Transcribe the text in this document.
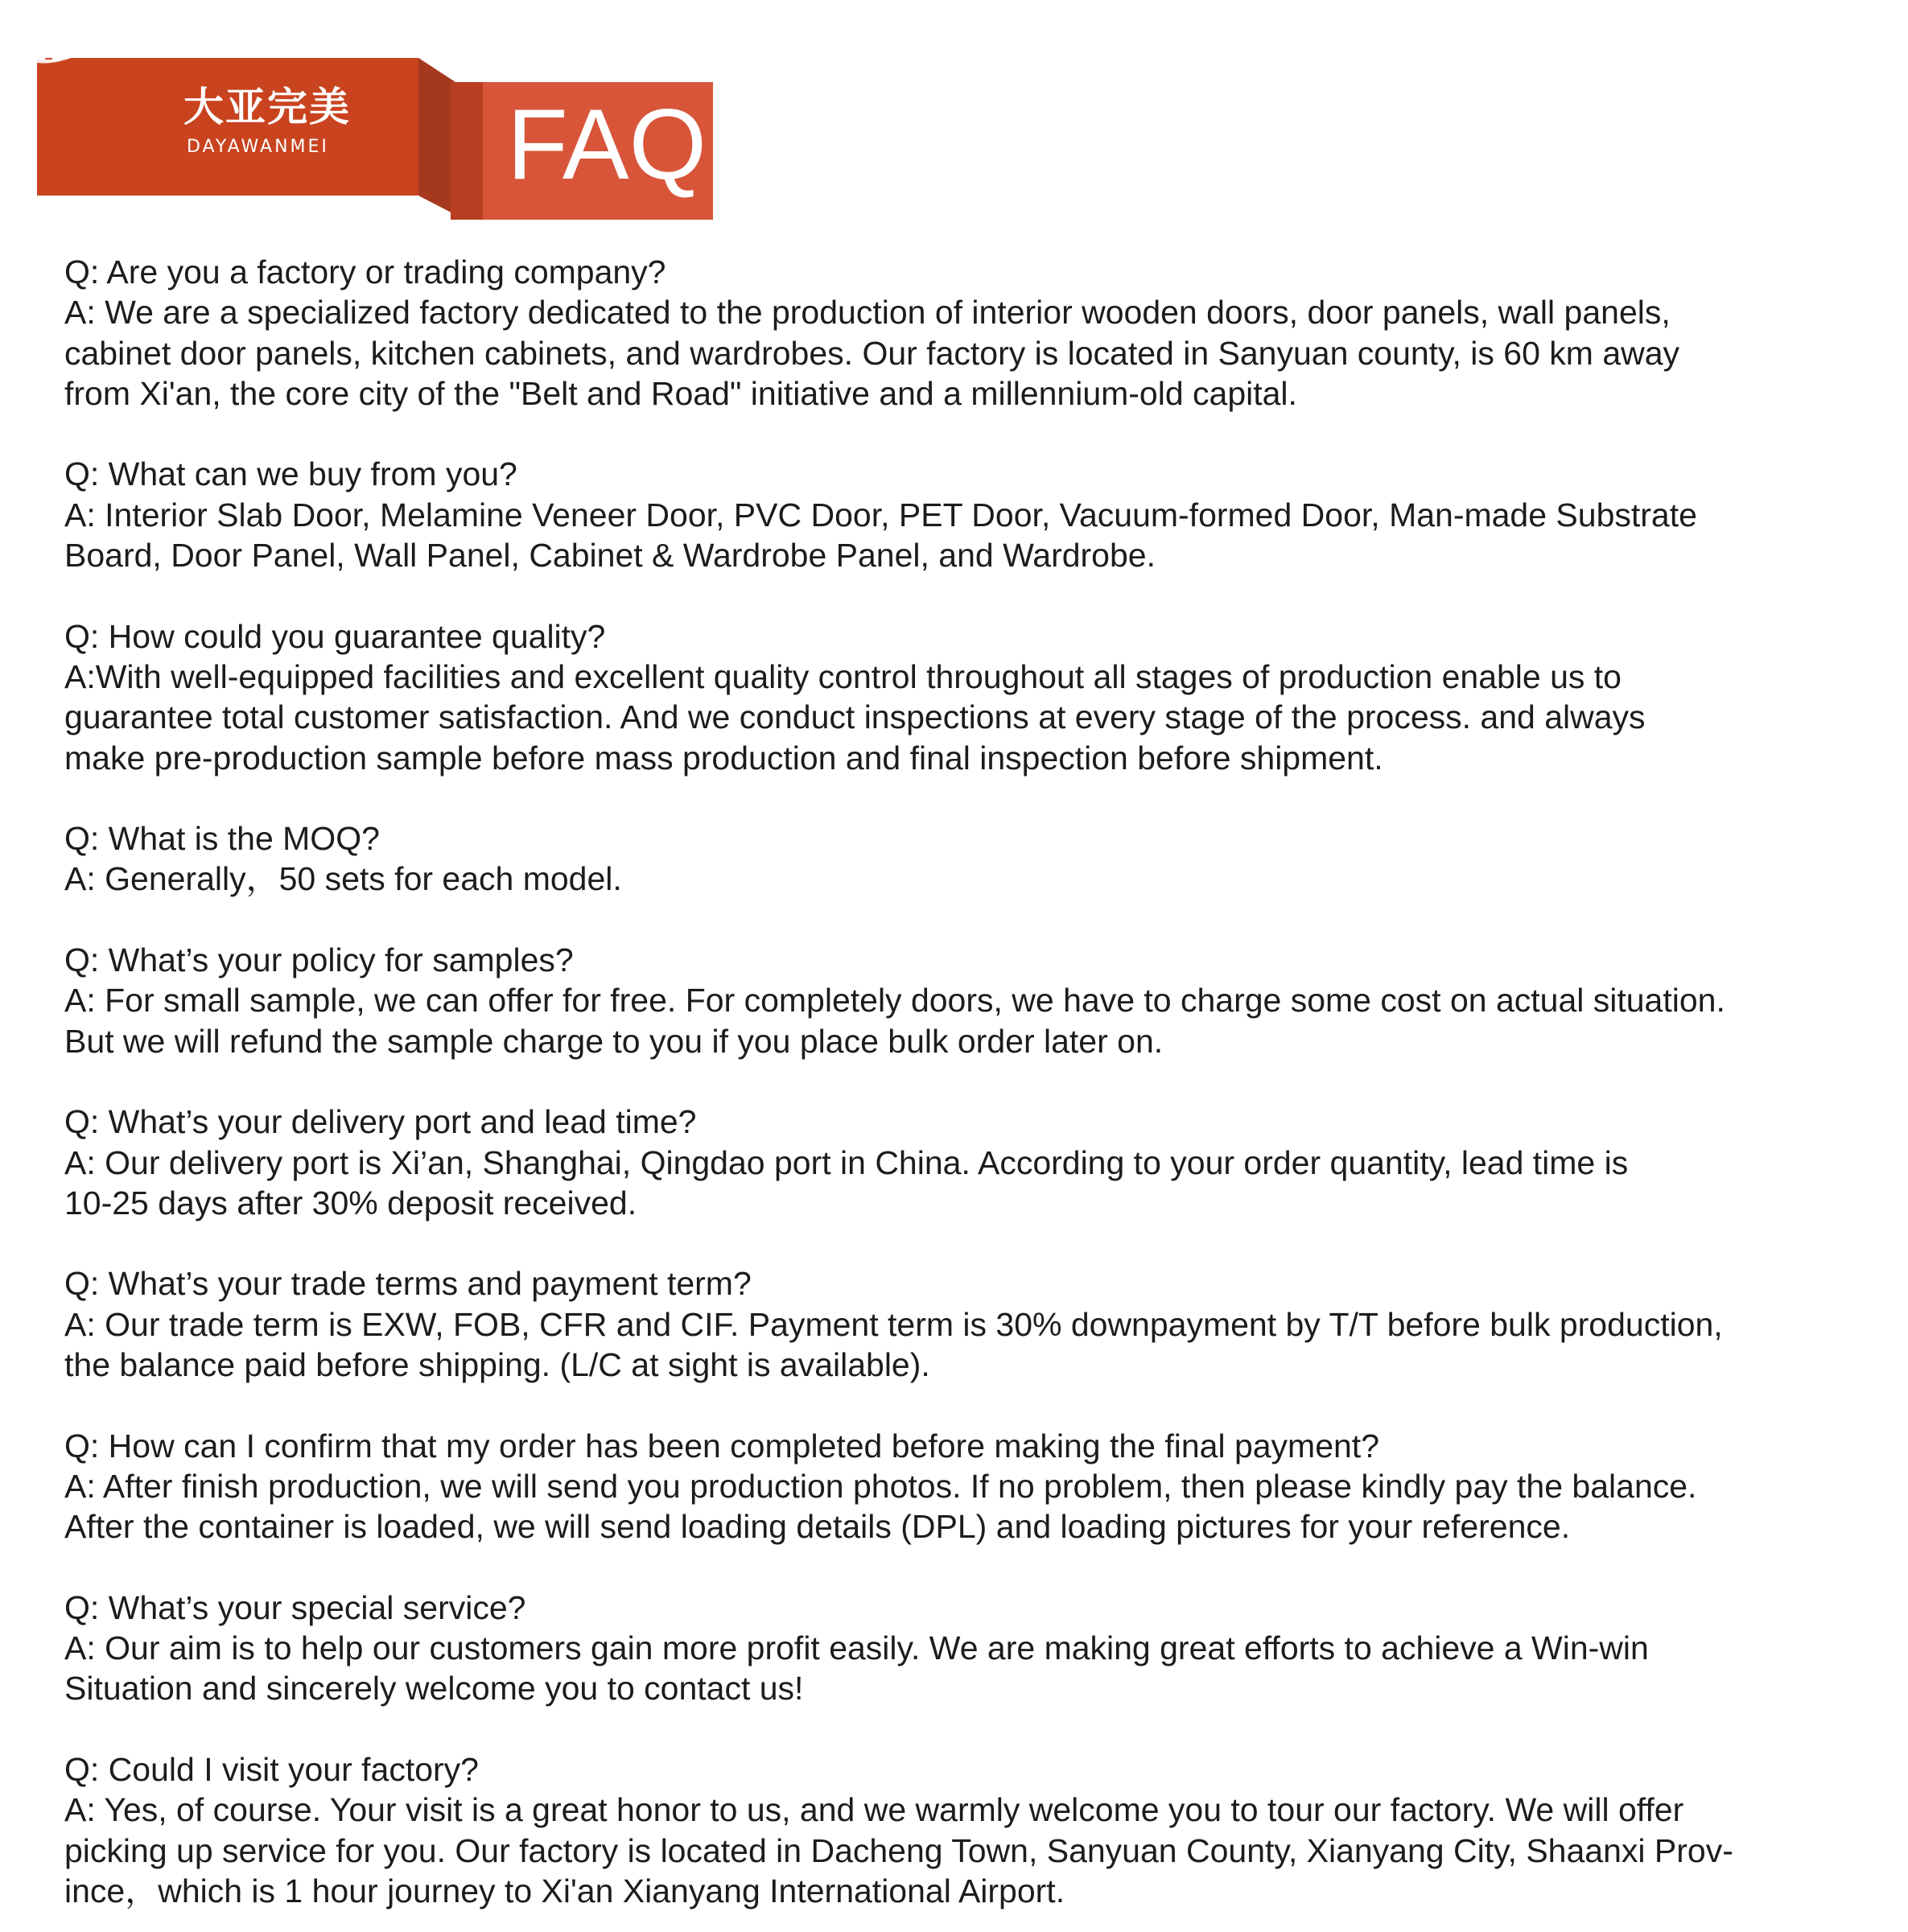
大亚完美
DAYAWANMEI FAQ

Q: Are you a factory or trading company?

A: We are a specialized factory dedicated to the production of interior wooden doors, door panels, wall panels,

cabinet door panels, kitchen cabinets, and wardrobes. Our factory is located in Sanyuan county, is 60 km away

from Xi'an, the core city of the "Belt and Road" initiative and a millennium-old capital.

Q: What can we buy from you?

A: Interior Slab Door, Melamine Veneer Door, PVC Door, PET Door, Vacuum-formed Door, Man-made Substrate

Board, Door Panel, Wall Panel, Cabinet & Wardrobe Panel, and Wardrobe.

Q: How could you guarantee quality?

A:With well-equipped facilities and excellent quality control throughout all stages of production enable us to

guarantee total customer satisfaction. And we conduct inspections at every stage of the process. and always

make pre-production sample before mass production and final inspection before shipment.

Q: What is the MOQ?

A: Generally，50 sets for each model.

Q: What’s your policy for samples?

A: For small sample, we can offer for free. For completely doors, we have to charge some cost on actual situation.

But we will refund the sample charge to you if you place bulk order later on.

Q: What’s your delivery port and lead time?

A: Our delivery port is Xi’an, Shanghai, Qingdao port in China. According to your order quantity, lead time is

10-25 days after 30% deposit received.

Q: What’s your trade terms and payment term?

A: Our trade term is EXW, FOB, CFR and CIF. Payment term is 30% downpayment by T/T before bulk production,

the balance paid before shipping. (L/C at sight is available).

Q: How can I confirm that my order has been completed before making the final payment?

A: After finish production, we will send you production photos. If no problem, then please kindly pay the balance.

After the container is loaded, we will send loading details (DPL) and loading pictures for your reference.

Q: What’s your special service?

A: Our aim is to help our customers gain more profit easily. We are making great efforts to achieve a Win-win

Situation and sincerely welcome you to contact us!

Q: Could I visit your factory?

A: Yes, of course. Your visit is a great honor to us, and we warmly welcome you to tour our factory. We will offer

picking up service for you. Our factory is located in Dacheng Town, Sanyuan County, Xianyang City, Shaanxi Prov-

ince，which is 1 hour journey to Xi'an Xianyang International Airport.
